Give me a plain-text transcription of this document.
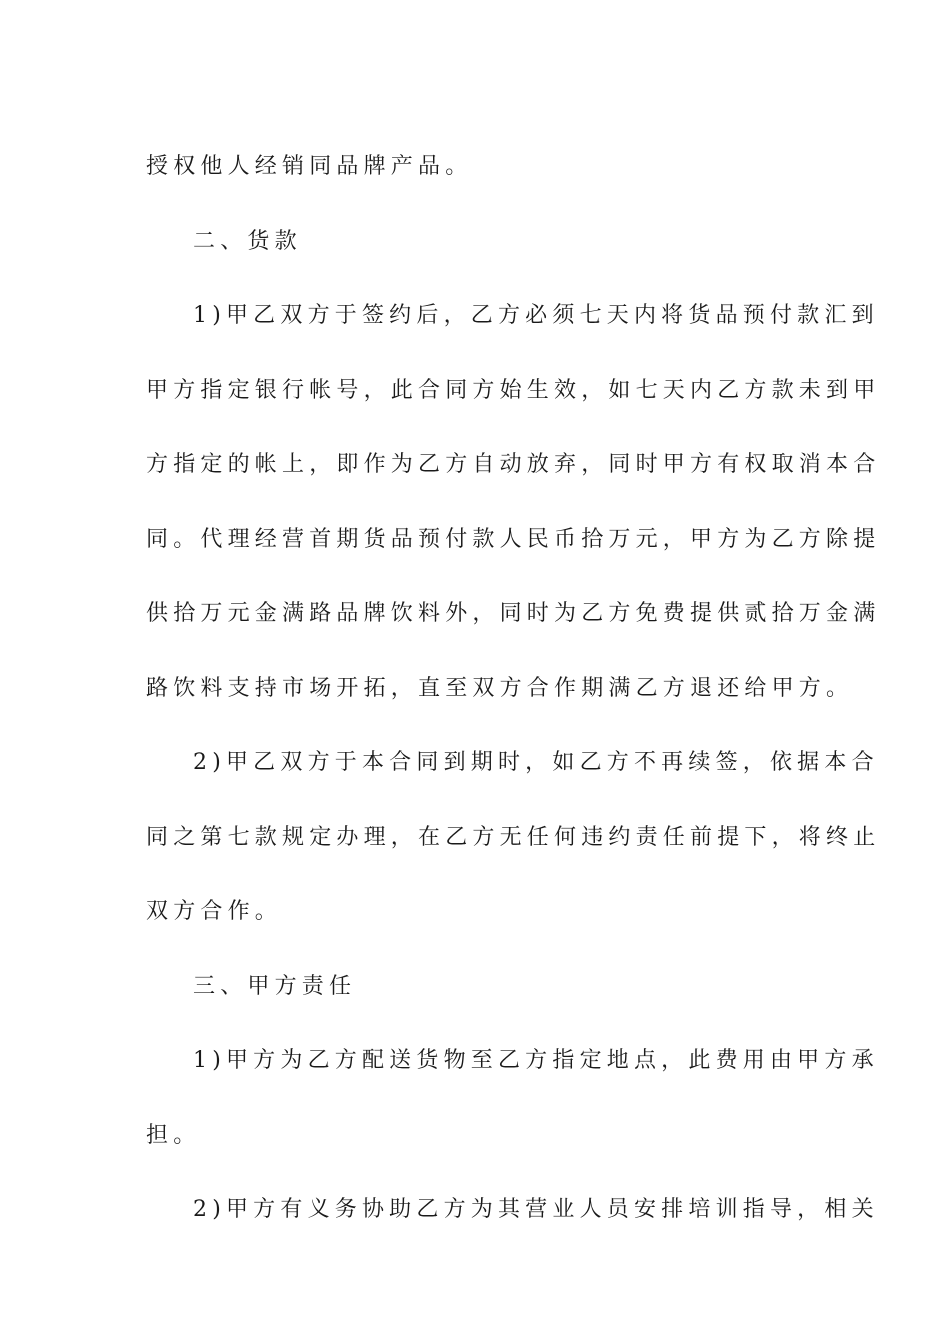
授权他人经销同品牌产品。
二、货款
1)甲乙双方于签约后，乙方必须七天内将货品预付款汇到
甲方指定银行帐号，此合同方始生效，如七天内乙方款未到甲
方指定的帐上，即作为乙方自动放弃，同时甲方有权取消本合
同。代理经营首期货品预付款人民币拾万元，甲方为乙方除提
供拾万元金满路品牌饮料外，同时为乙方免费提供贰拾万金满
路饮料支持市场开拓，直至双方合作期满乙方退还给甲方。
2)甲乙双方于本合同到期时，如乙方不再续签，依据本合
同之第七款规定办理，在乙方无任何违约责任前提下，将终止
双方合作。
三、甲方责任
1)甲方为乙方配送货物至乙方指定地点，此费用由甲方承
担。
2)甲方有义务协助乙方为其营业人员安排培训指导，相关
